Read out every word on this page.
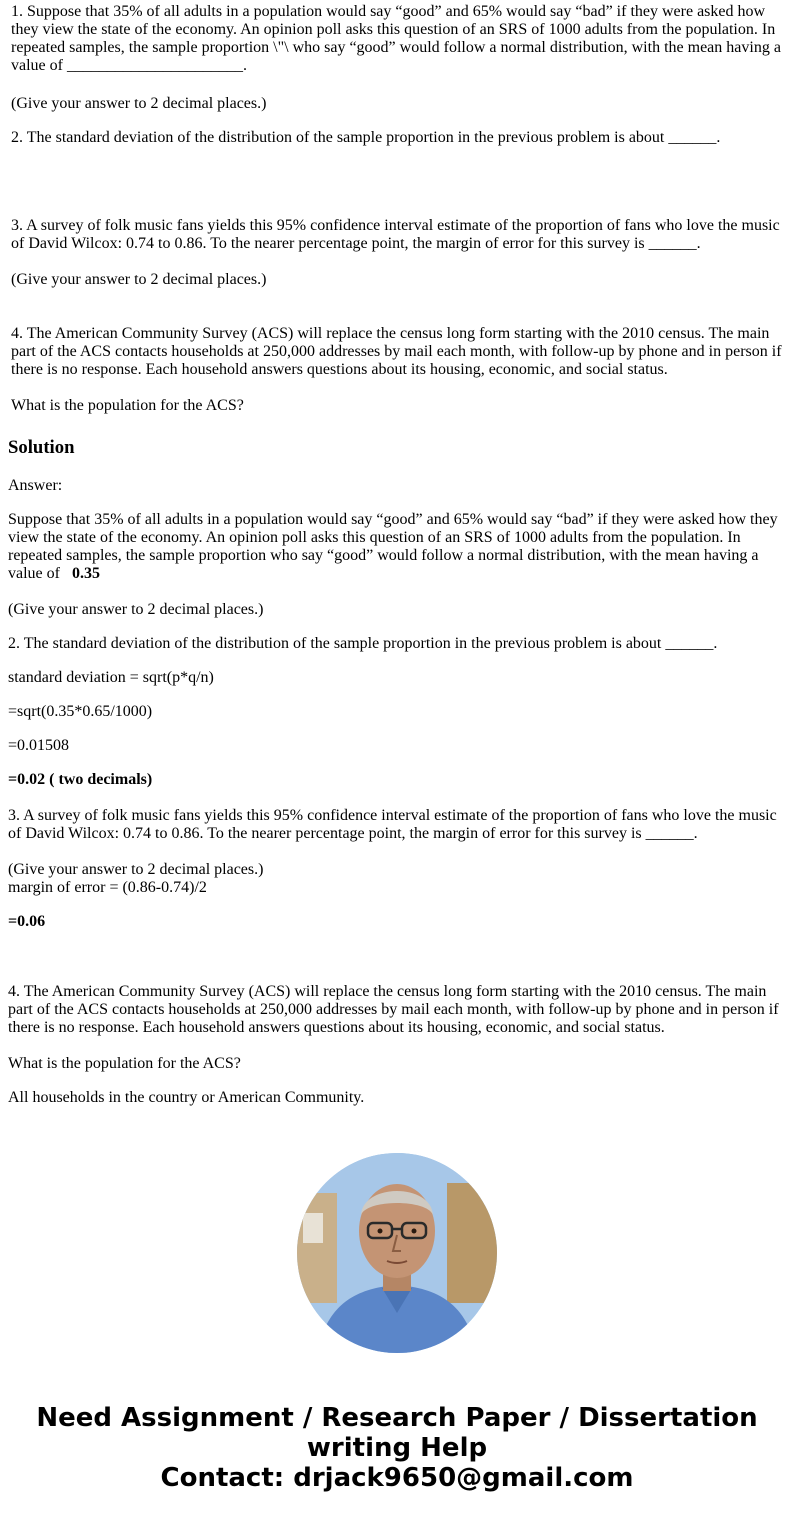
1. Suppose that 35% of all adults in a population would say “good” and 65% would say “bad” if they were asked how they view the state of the economy. An opinion poll asks this question of an SRS of 1000 adults from the population. In repeated samples, the sample proportion \"\ who say “good” would follow a normal distribution, with the mean having a value of ______________________.

(Give your answer to 2 decimal places.)

2. The standard deviation of the distribution of the sample proportion in the previous problem is about ______.

3. A survey of folk music fans yields this 95% confidence interval estimate of the proportion of fans who love the music of David Wilcox: 0.74 to 0.86. To the nearer percentage point, the margin of error for this survey is ______.

(Give your answer to 2 decimal places.)

4. The American Community Survey (ACS) will replace the census long form starting with the 2010 census. The main part of the ACS contacts households at 250,000 addresses by mail each month, with follow-up by phone and in person if there is no response. Each household answers questions about its housing, economic, and social status.

What is the population for the ACS?

Solution

Answer:

Suppose that 35% of all adults in a population would say “good” and 65% would say “bad” if they were asked how they view the state of the economy. An opinion poll asks this question of an SRS of 1000 adults from the population. In repeated samples, the sample proportion who say “good” would follow a normal distribution, with the mean having a value of   0.35

(Give your answer to 2 decimal places.)

2. The standard deviation of the distribution of the sample proportion in the previous problem is about ______.

standard deviation = sqrt(p*q/n)

=sqrt(0.35*0.65/1000)

=0.01508

=0.02 ( two decimals)

3. A survey of folk music fans yields this 95% confidence interval estimate of the proportion of fans who love the music of David Wilcox: 0.74 to 0.86. To the nearer percentage point, the margin of error for this survey is ______.

(Give your answer to 2 decimal places.)

margin of error = (0.86-0.74)/2

=0.06

4. The American Community Survey (ACS) will replace the census long form starting with the 2010 census. The main part of the ACS contacts households at 250,000 addresses by mail each month, with follow-up by phone and in person if there is no response. Each household answers questions about its housing, economic, and social status.

What is the population for the ACS?

All households in the country or American Community.

Need Assignment / Research Paper / Dissertation
writing Help
Contact: drjack9650@gmail.com
